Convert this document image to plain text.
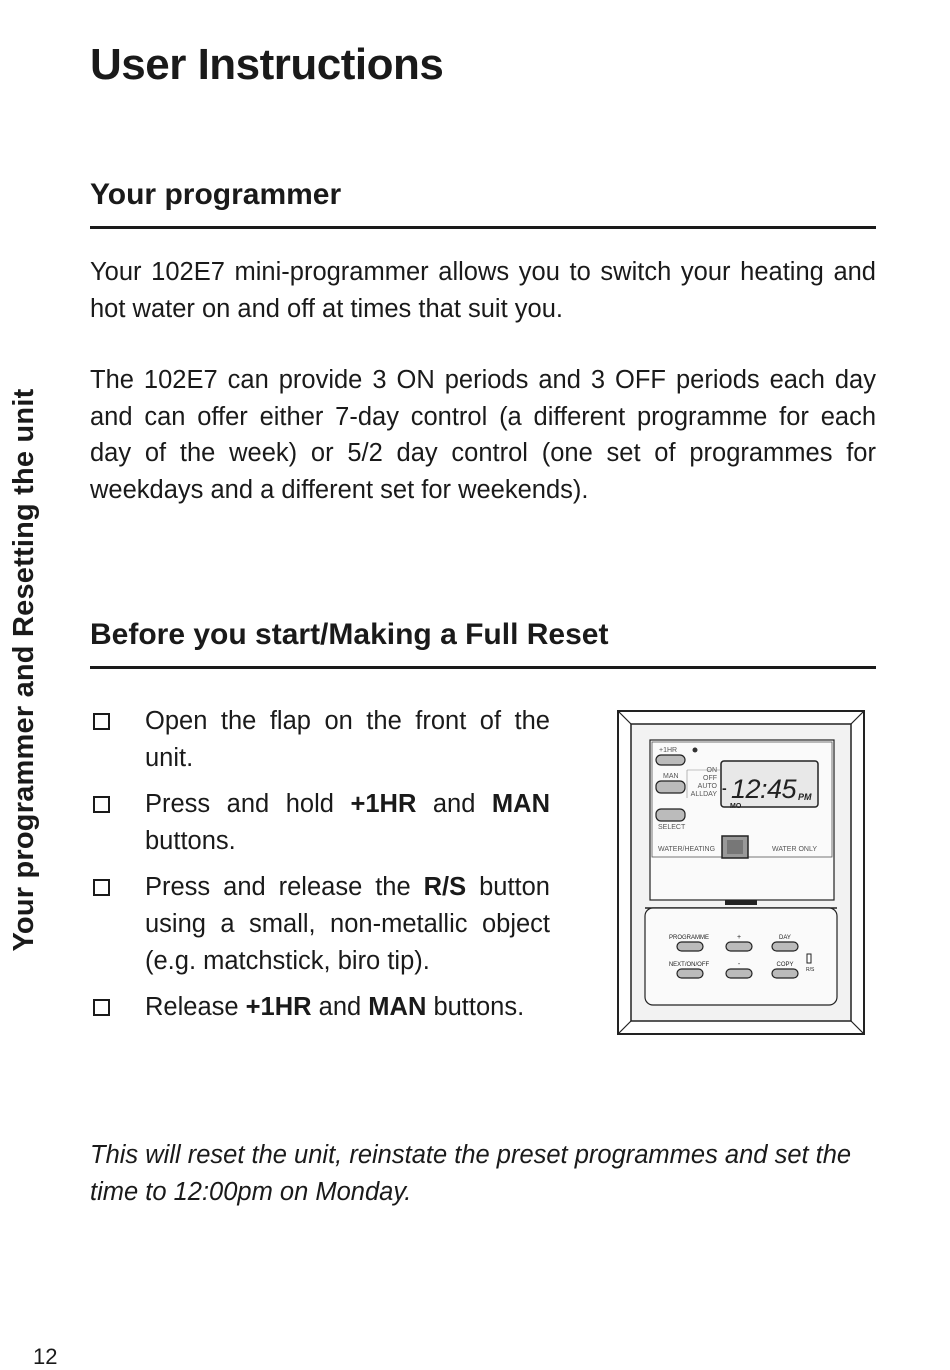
Your programmer and Resetting the unit
User Instructions
Your programmer

Your 102E7 mini-programmer allows you to switch your heating and hot water on and off at times that suit you.

The 102E7 can provide 3 ON periods and 3 OFF periods each day and can offer either 7-day control (a different programme for each day of the week) or 5/2 day control (one set of programmes for weekdays and a different set for weekends).

Before you start/Making a Full Reset
Open the flap on the front of the unit.
Press and hold +1HR and MAN buttons.
Press and release the R/S button using a small, non-metallic object (e.g. matchstick, biro tip).
Release +1HR and MAN buttons.
+1HR
MAN
ON
OFF
AUTO
ALLDAY
SELECT
- 12:45 PM
MO
WATER/HEATING	WATER ONLY
PROGRAMME	+	DAY
NEXT/ON/OFF	-	COPY
R/S

This will reset the unit, reinstate the preset programmes and set the time to 12:00pm on Monday.

12
